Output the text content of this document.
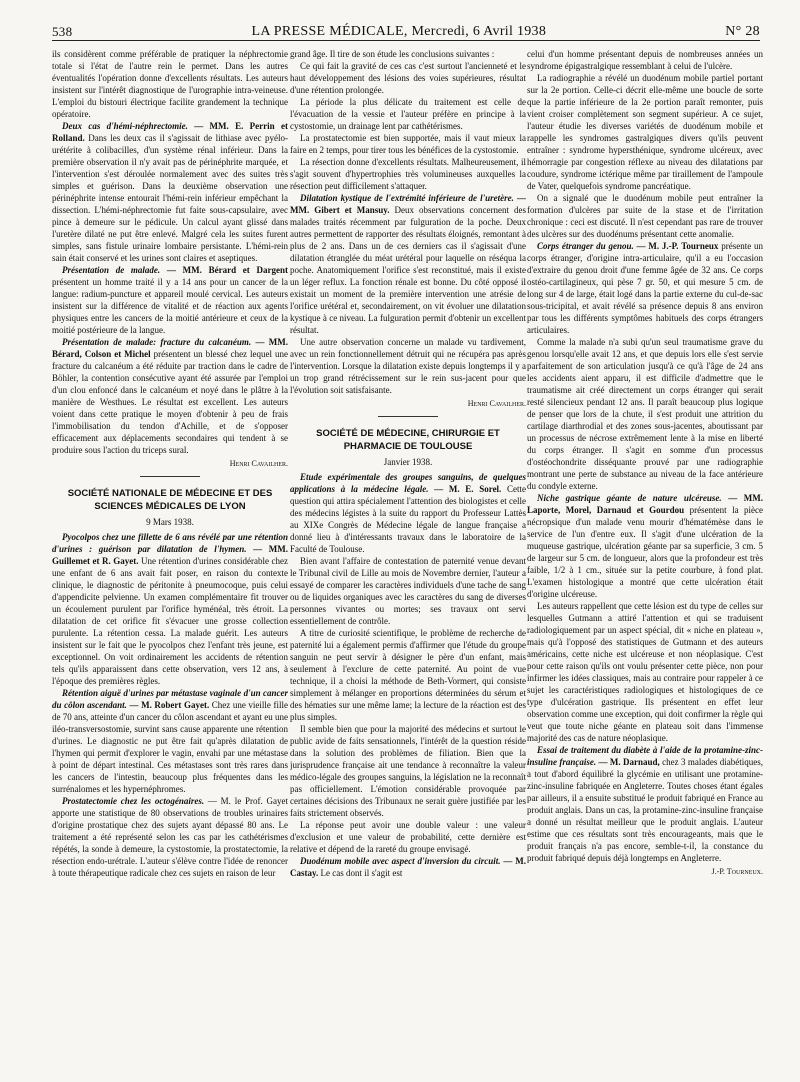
538	LA PRESSE MÉDICALE, Mercredi, 6 Avril 1938	N° 28

ils considèrent comme préférable de pratiquer la néphrectomie totale si l'état de l'autre rein le permet. Dans les autres éventualités l'opération donne d'excellents résultats. Les auteurs insistent sur l'intérêt diagnostique de l'urographie intra-veineuse. L'emploi du bistouri électrique facilite grandement la technique opératoire.

Deux cas d'hémi-néphrectomie. — MM. E. Perrin et Rolland. Dans les deux cas il s'agissait de lithiase avec pyélo-urétérite à colibacilles, d'un système rénal inférieur. Dans la première observation il n'y avait pas de périnéphrite marquée, et l'intervention s'est déroulée normalement avec des suites très simples et guérison. Dans la deuxième observation une périnéphrite intense entourait l'hémi-rein inférieur empêchant la dissection. L'hémi-néphrectomie fut faite sous-capsulaire, avec pince à demeure sur le pédicule. Un calcul ayant glissé dans l'uretère dilaté ne put être enlevé. Malgré cela les suites furent simples, sans fistule urinaire lombaire persistante. L'hémi-rein sain était conservé et les urines sont claires et aseptiques.

Présentation de malade. — MM. Bérard et Dargent présentent un homme traité il y a 14 ans pour un cancer de la langue: radium-puncture et appareil moulé cervical. Les auteurs insistent sur la différence de vitalité et de réaction aux agents physiques entre les cancers de la moitié antérieure et ceux de la moitié postérieure de la langue.

Présentation de malade: fracture du calcanéum. — MM. Bérard, Colson et Michel présentent un blessé chez lequel une fracture du calcanéum a été réduite par traction dans le cadre de Böhler, la contention consécutive ayant été assurée par l'emploi d'un clou enfoncé dans le calcanéum et noyé dans le plâtre à la manière de Westhues. Le résultat est excellent. Les auteurs voient dans cette pratique le moyen d'obtenir à peu de frais l'immobilisation du tendon d'Achille, et de s'opposer efficacement aux déplacements secondaires qui tendent à se produire sous l'action du triceps sural.

Henri Cavailher.

SOCIÉTÉ NATIONALE DE MÉDECINE ET DES SCIENCES MÉDICALES DE LYON
9 Mars 1938.

Pyocolpos chez une fillette de 6 ans révélé par une rétention d'urines : guérison par dilatation de l'hymen. — MM. Guillemet et R. Gayet. Une rétention d'urines considérable chez une enfant de 6 ans avait fait poser, en raison du contexte clinique, le diagnostic de péritonite à pneumocoque, puis celui d'appendicite pelvienne. Un examen complémentaire fit trouver un écoulement purulent par l'orifice hyménéal, très étroit. La dilatation de cet orifice fit s'évacuer une grosse collection purulente. La rétention cessa. La malade guérit. Les auteurs insistent sur le fait que le pyocolpos chez l'enfant très jeune, est exceptionnel. On voit ordinairement les accidents de rétention tels qu'ils apparaissent dans cette observation, vers 12 ans, à l'époque des premières règles.

Rétention aiguë d'urines par métastase vaginale d'un cancer du côlon ascendant. — M. Robert Gayet. Chez une vieille fille de 70 ans, atteinte d'un cancer du côlon ascendant et ayant eu une iléo-transversostomie, survint sans cause apparente une rétention d'urines. Le diagnostic ne put être fait qu'après dilatation de l'hymen qui permit d'explorer le vagin, envahi par une métastase à point de départ intestinal. Ces métastases sont très rares dans les cancers de l'intestin, beaucoup plus fréquentes dans les surrénalomes et les hypernéphromes.

Prostatectomie chez les octogénaires. — M. le Prof. Gayet apporte une statistique de 80 observations de troubles urinaires d'origine prostatique chez des sujets ayant dépassé 80 ans. Le traitement a été représenté selon les cas par les cathétérismes répétés, la sonde à demeure, la cystostomie, la prostatectomie, la résection endo-urétrale. L'auteur s'élève contre l'idée de renoncer à toute thérapeutique radicale chez ces sujets en raison de leur

grand âge. Il tire de son étude les conclusions suivantes :

Ce qui fait la gravité de ces cas c'est surtout l'ancienneté et le haut développement des lésions des voies supérieures, résultat d'une rétention prolongée.

La période la plus délicate du traitement est celle de l'évacuation de la vessie et l'auteur préfère en principe à la cystostomie, un drainage lent par cathétérismes.

La prostatectomie est bien supportée, mais il vaut mieux la faire en 2 temps, pour tirer tous les bénéfices de la cystostomie.

La résection donne d'excellents résultats. Malheureusement, il s'agit souvent d'hypertrophies très volumineuses auxquelles la résection peut difficilement s'attaquer.

Dilatation kystique de l'extrémité inférieure de l'uretère. — MM. Gibert et Mansuy. Deux observations concernent des malades traités récemment par fulguration de la poche. Deux autres permettent de rapporter des résultats éloignés, remontant à plus de 2 ans. Dans un de ces derniers cas il s'agissait d'une dilatation étranglée du méat urétéral pour laquelle on réséqua la poche. Anatomiquement l'orifice s'est reconstitué, mais il existe un léger reflux. La fonction rénale est bonne. Du côté opposé il existait un moment de la première intervention une atrésie de l'orifice urétéral et, secondairement, on vit évoluer une dilatation kystique à ce niveau. La fulguration permit d'obtenir un excellent résultat.

Une autre observation concerne un malade vu tardivement, avec un rein fonctionnellement détruit qui ne récupéra pas après l'intervention. Lorsque la dilatation existe depuis longtemps il y a un trop grand rétrécissement sur le rein sus-jacent pour que l'évolution soit satisfaisante.

Henri Cavailher.

SOCIÉTÉ DE MÉDECINE, CHIRURGIE ET PHARMACIE DE TOULOUSE
Janvier 1938.

Etude expérimentale des groupes sanguins, de quelques applications à la médecine légale. — M. E. Sorel. Cette question qui attira spécialement l'attention des biologistes et celle des médecins légistes à la suite du rapport du Professeur Lattès au XIXe Congrès de Médecine légale de langue française a donné lieu à d'intéressants travaux dans le laboratoire de la Faculté de Toulouse.

Bien avant l'affaire de contestation de paternité venue devant le Tribunal civil de Lille au mois de Novembre dernier, l'auteur a essayé de comparer les caractères individuels d'une tache de sang ou de liquides organiques avec les caractères du sang de diverses personnes vivantes ou mortes; ses travaux ont servi essentiellement de contrôle.

A titre de curiosité scientifique, le problème de recherche de paternité lui a également permis d'affirmer que l'étude du groupe sanguin ne peut servir à désigner le père d'un enfant, mais seulement à l'exclure de cette paternité. Au point de vue technique, il a choisi la méthode de Beth-Vormert, qui consiste simplement à mélanger en proportions déterminées du sérum et des hématies sur une même lame; la lecture de la réaction est des plus simples.

Il semble bien que pour la majorité des médecins et surtout le public avide de faits sensationnels, l'intérêt de la question réside dans la solution des problèmes de filiation. Bien que la jurisprudence française ait une tendance à reconnaître la valeur médico-légale des groupes sanguins, la législation ne la reconnaît pas officiellement. L'émotion considérable provoquée par certaines décisions des Tribunaux ne serait guère justifiée par les faits strictement observés.

La réponse peut avoir une double valeur : une valeur d'exclusion et une valeur de probabilité, cette dernière est relative et dépend de la rareté du groupe envisagé.

Duodénum mobile avec aspect d'inversion du circuit. — M. Castay. Le cas dont il s'agit est

celui d'un homme présentant depuis de nombreuses années un syndrome épigastralgique ressemblant à celui de l'ulcère.

La radiographie a révélé un duodénum mobile partiel portant sur la 2e portion. Celle-ci décrit elle-même une boucle de sorte que la partie inférieure de la 2e portion paraît remonter, puis vient croiser complètement son segment supérieur. A ce sujet, l'auteur étudie les diverses variétés de duodénum mobile et rappelle les syndromes gastralgiques divers qu'ils peuvent entraîner : syndrome hypersthénique, syndrome ulcéreux, avec hémorragie par congestion réflexe au niveau des dilatations par coudure, syndrome ictérique même par tiraillement de l'ampoule de Vater, quelquefois syndrome pancréatique.

On a signalé que le duodénum mobile peut entraîner la formation d'ulcères par suite de la stase et de l'irritation chronique : ceci est discuté. Il n'est cependant pas rare de trouver des ulcères sur des duodénums présentant cette anomalie.

Corps étranger du genou. — M. J.-P. Tourneux présente un corps étranger, d'origine intra-articulaire, qu'il a eu l'occasion d'extraire du genou droit d'une femme âgée de 32 ans. Ce corps ostéo-cartilagineux, qui pèse 7 gr. 50, et qui mesure 5 cm. de long sur 4 de large, était logé dans la partie externe du cul-de-sac sous-tricipital, et avait révélé sa présence depuis 8 ans environ par tous les différents symptômes habituels des corps étrangers articulaires.

Comme la malade n'a subi qu'un seul traumatisme grave du genou lorsqu'elle avait 12 ans, et que depuis lors elle s'est servie parfaitement de son articulation jusqu'à ce qu'à l'âge de 24 ans les accidents aient apparu, il est difficile d'admettre que le traumatisme ait créé directement un corps étranger qui serait resté silencieux pendant 12 ans. Il paraît beaucoup plus logique de penser que lors de la chute, il s'est produit une attrition du cartilage diarthrodial et des zones sous-jacentes, aboutissant par un processus de nécrose extrêmement lente à la mise en liberté du corps étranger. Il s'agit en somme d'un processus d'ostéochondrite disséquante prouvé par une radiographie montrant une perte de substance au niveau de la face antérieure du condyle externe.

Niche gastrique géante de nature ulcéreuse. — MM. Laporte, Morel, Darnaud et Gourdou présentent la pièce nécropsique d'un malade venu mourir d'hématémèse dans le service de l'un d'entre eux. Il s'agit d'une ulcération de la muqueuse gastrique, ulcération géante par sa superficie, 3 cm. 5 de largeur sur 5 cm. de longueur, alors que la profondeur est très faible, 1/2 à 1 cm., située sur la petite courbure, à fond plat. L'examen histologique a montré que cette ulcération était d'origine ulcéreuse.

Les auteurs rappellent que cette lésion est du type de celles sur lesquelles Gutmann a attiré l'attention et qui se traduisent radiologiquement par un aspect spécial, dit « niche en plateau », mais qu'à l'opposé des statistiques de Gutmann et des auteurs américains, cette niche est ulcéreuse et non néoplasique. C'est pour cette raison qu'ils ont voulu présenter cette pièce, non pour infirmer les idées classiques, mais au contraire pour rappeler à ce sujet les caractéristiques radiologiques et histologiques de ce type d'ulcération gastrique. Ils présentent en effet leur observation comme une exception, qui doit confirmer la règle qui veut que toute niche géante en plateau soit dans l'immense majorité des cas de nature néoplasique.

Essai de traitement du diabète à l'aide de la protamine-zinc-insuline française. — M. Darnaud, chez 3 malades diabétiques, a tout d'abord équilibré la glycémie en utilisant une protamine-zinc-insuline fabriquée en Angleterre. Toutes choses étant égales par ailleurs, il a ensuite substitué le produit fabriqué en France au produit anglais. Dans un cas, la protamine-zinc-insuline française a donné un résultat meilleur que le produit anglais. L'auteur estime que ces résultats sont très encourageants, mais que le produit français n'a pas encore, semble-t-il, la constance du produit fabriqué depuis déjà longtemps en Angleterre.

J.-P. Tourneux.
